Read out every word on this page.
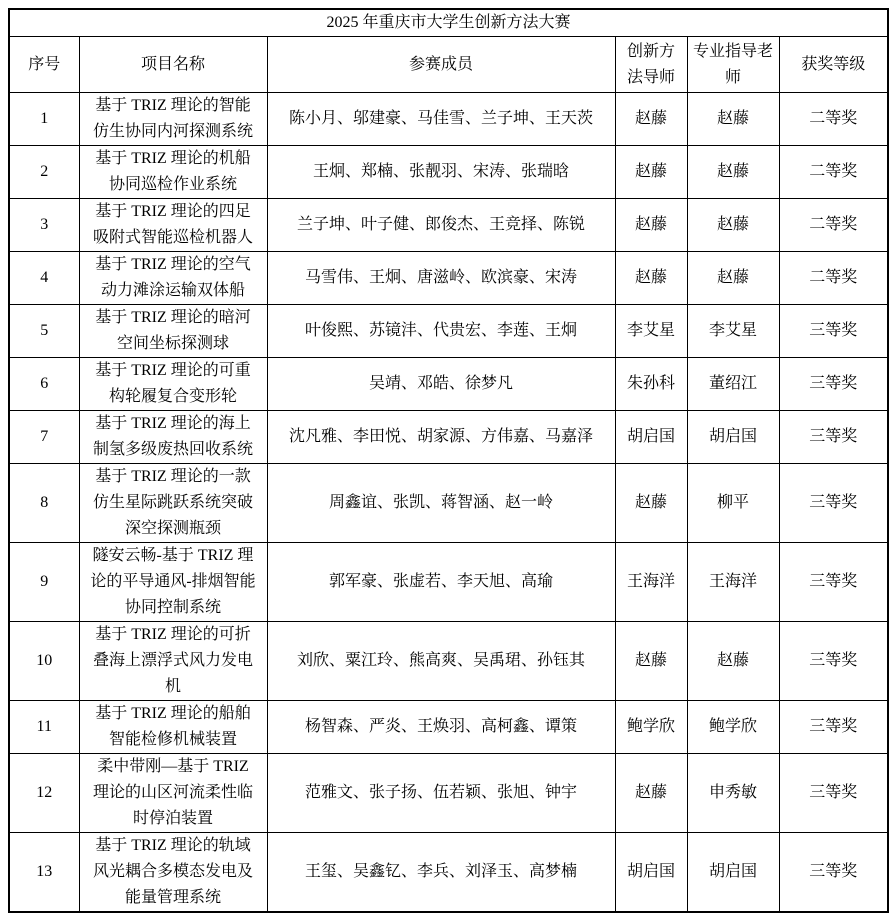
2025 年重庆市大学生创新方法大赛					
序号	项目名称	参赛成员	创新方法导师	专业指导老师	获奖等级
1	基于 TRIZ 理论的智能仿生协同内河探测系统	陈小月、邬建豪、马佳雪、兰子坤、王天茨	赵藤	赵藤	二等奖
2	基于 TRIZ 理论的机船协同巡检作业系统	王炯、郑楠、张靓羽、宋涛、张瑞晗	赵藤	赵藤	二等奖
3	基于 TRIZ 理论的四足吸附式智能巡检机器人	兰子坤、叶子健、郎俊杰、王竞择、陈锐	赵藤	赵藤	二等奖
4	基于 TRIZ 理论的空气动力滩涂运输双体船	马雪伟、王炯、唐滋岭、欧滨豪、宋涛	赵藤	赵藤	二等奖
5	基于 TRIZ 理论的暗河空间坐标探测球	叶俊熙、苏镜沣、代贵宏、李莲、王炯	李艾星	李艾星	三等奖
6	基于 TRIZ 理论的可重构轮履复合变形轮	吴靖、邓皓、徐梦凡	朱孙科	董绍江	三等奖
7	基于 TRIZ 理论的海上制氢多级废热回收系统	沈凡雅、李田悦、胡家源、方伟嘉、马嘉泽	胡启国	胡启国	三等奖
8	基于 TRIZ 理论的一款仿生星际跳跃系统突破深空探测瓶颈	周鑫谊、张凯、蒋智涵、赵一岭	赵藤	柳平	三等奖
9	隧安云畅-基于 TRIZ 理论的平导通风-排烟智能协同控制系统	郭军豪、张虚若、李天旭、高瑜	王海洋	王海洋	三等奖
10	基于 TRIZ 理论的可折叠海上漂浮式风力发电机	刘欣、粟江玲、熊高爽、吴禹珺、孙钰其	赵藤	赵藤	三等奖
11	基于 TRIZ 理论的船舶智能检修机械装置	杨智森、严炎、王焕羽、高柯鑫、谭策	鲍学欣	鲍学欣	三等奖
12	柔中带刚—基于 TRIZ 理论的山区河流柔性临时停泊装置	范雅文、张子扬、伍若颖、张旭、钟宇	赵藤	申秀敏	三等奖
13	基于 TRIZ 理论的轨域风光耦合多模态发电及能量管理系统	王玺、吴鑫钇、李兵、刘泽玉、高梦楠	胡启国	胡启国	三等奖
